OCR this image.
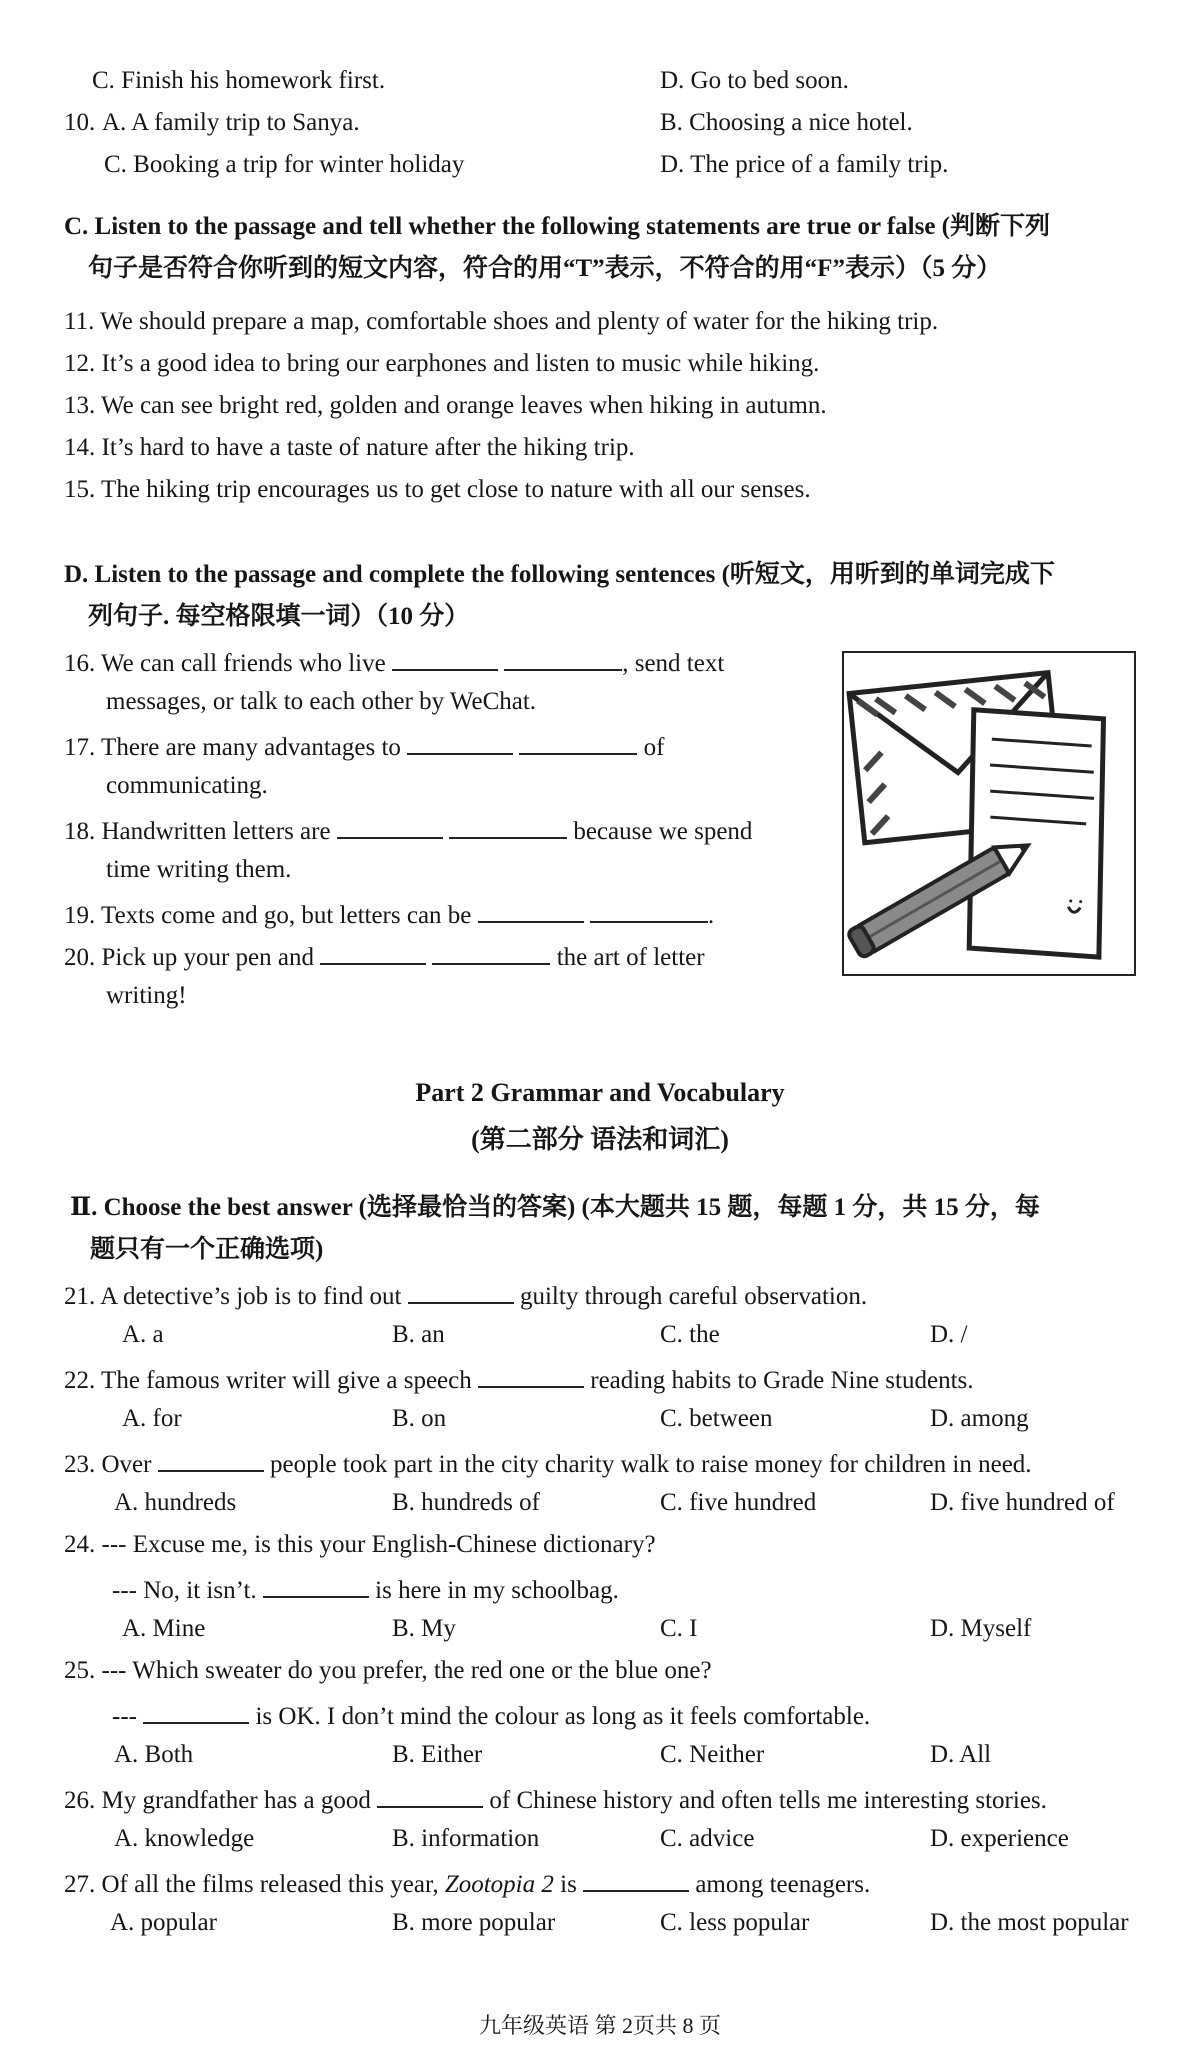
C. Finish his homework first.	D. Go to bed soon.
10. A. A family trip to Sanya.	B. Choosing a nice hotel.
C. Booking a trip for winter holiday	D. The price of a family trip.
C. Listen to the passage and tell whether the following statements are true or false (判断下列
句子是否符合你听到的短文内容，符合的用“T”表示，不符合的用“F”表示）（5 分）
11. We should prepare a map, comfortable shoes and plenty of water for the hiking trip.
12. It’s a good idea to bring our earphones and listen to music while hiking.
13. We can see bright red, golden and orange leaves when hiking in autumn.
14. It’s hard to have a taste of nature after the hiking trip.
15. The hiking trip encourages us to get close to nature with all our senses.
D. Listen to the passage and complete the following sentences (听短文，用听到的单词完成下
列句子. 每空格限填一词）（10 分）
16. We can call friends who live	, send text
messages, or talk to each other by WeChat.
17. There are many advantages to	of
communicating.
18. Handwritten letters are	because we spend
time writing them.
19. Texts come and go, but letters can be	.
20. Pick up your pen and	the art of letter
writing!
Part 2 Grammar and Vocabulary
(第二部分 语法和词汇)
Ⅱ. Choose the best answer (选择最恰当的答案) (本大题共 15 题，每题 1 分，共 15 分，每
题只有一个正确选项)
21. A detective’s job is to find out	guilty through careful observation.
A. a	B. an	C. the	D. /
22. The famous writer will give a speech	reading habits to Grade Nine students.
A. for	B. on	C. between	D. among
23. Over	people took part in the city charity walk to raise money for children in need.
A. hundreds	B. hundreds of	C. five hundred	D. five hundred of
24. --- Excuse me, is this your English-Chinese dictionary?
--- No, it isn’t.	is here in my schoolbag.
A. Mine	B. My	C. I	D. Myself
25. --- Which sweater do you prefer, the red one or the blue one?
---	is OK. I don’t mind the colour as long as it feels comfortable.
A. Both	B. Either	C. Neither	D. All
26. My grandfather has a good	of Chinese history and often tells me interesting stories.
A. knowledge	B. information	C. advice	D. experience
27. Of all the films released this year, Zootopia 2 is	among teenagers.
A. popular	B. more popular	C. less popular	D. the most popular
九年级英语 第 2页共 8 页
